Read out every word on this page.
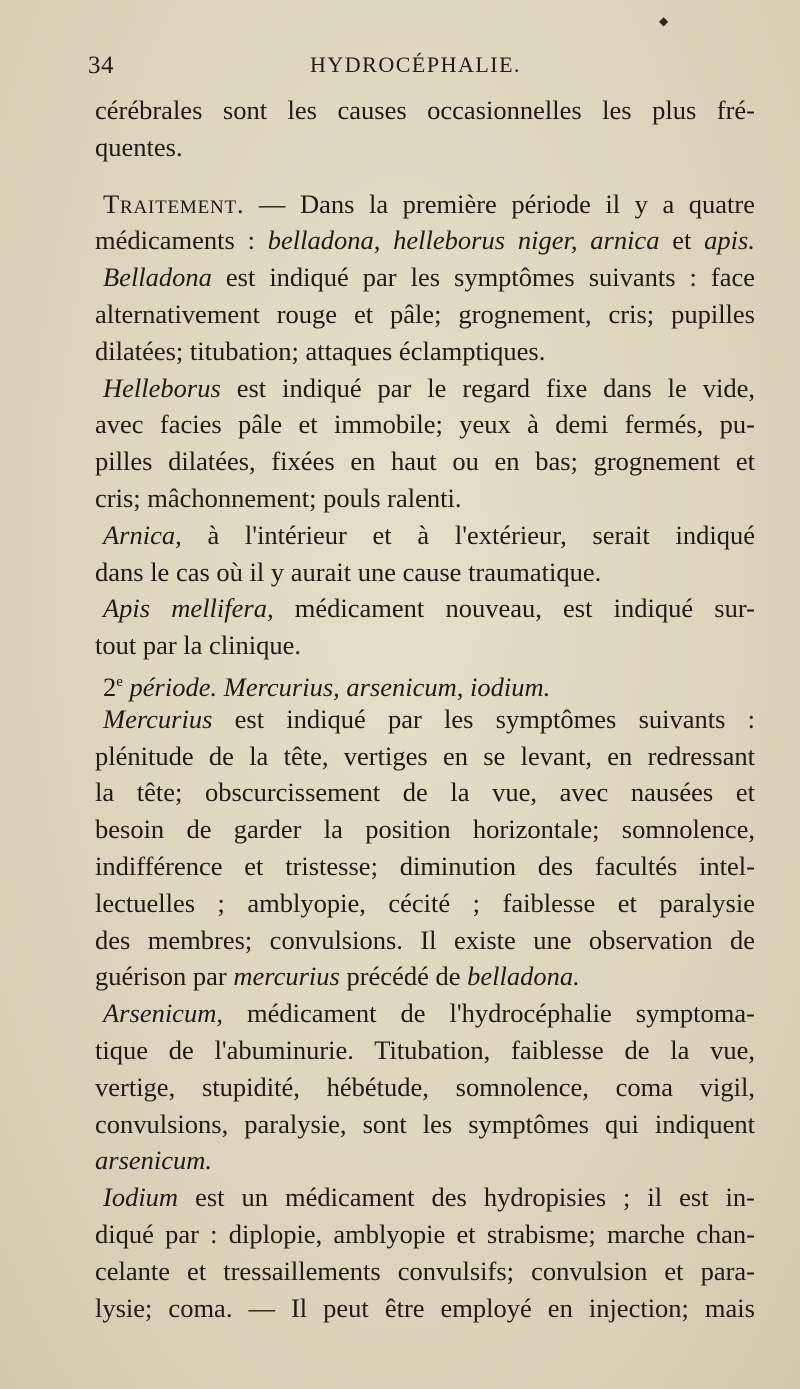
◆
34	HYDROCÉPHALIE.
cérébrales sont les causes occasionnelles les plus fré-
quentes.
Traitement. — Dans la première période il y a quatre
médicaments : belladona, helleborus niger, arnica et apis.
Belladona est indiqué par les symptômes suivants : face
alternativement rouge et pâle; grognement, cris; pupilles
dilatées; titubation; attaques éclamptiques.
Helleborus est indiqué par le regard fixe dans le vide,
avec facies pâle et immobile; yeux à demi fermés, pu-
pilles dilatées, fixées en haut ou en bas; grognement et
cris; mâchonnement; pouls ralenti.
Arnica, à l'intérieur et à l'extérieur, serait indiqué
dans le cas où il y aurait une cause traumatique.
Apis mellifera, médicament nouveau, est indiqué sur-
tout par la clinique.
2e période. Mercurius, arsenicum, iodium.
Mercurius est indiqué par les symptômes suivants :
plénitude de la tête, vertiges en se levant, en redressant
la tête; obscurcissement de la vue, avec nausées et
besoin de garder la position horizontale; somnolence,
indifférence et tristesse; diminution des facultés intel-
lectuelles ; amblyopie, cécité ; faiblesse et paralysie
des membres; convulsions. Il existe une observation de
guérison par mercurius précédé de belladona.
Arsenicum, médicament de l'hydrocéphalie symptoma-
tique de l'abuminurie. Titubation, faiblesse de la vue,
vertige, stupidité, hébétude, somnolence, coma vigil,
convulsions, paralysie, sont les symptômes qui indiquent
arsenicum.
Iodium est un médicament des hydropisies ; il est in-
diqué par : diplopie, amblyopie et strabisme; marche chan-
celante et tressaillements convulsifs; convulsion et para-
lysie; coma. — Il peut être employé en injection; mais
